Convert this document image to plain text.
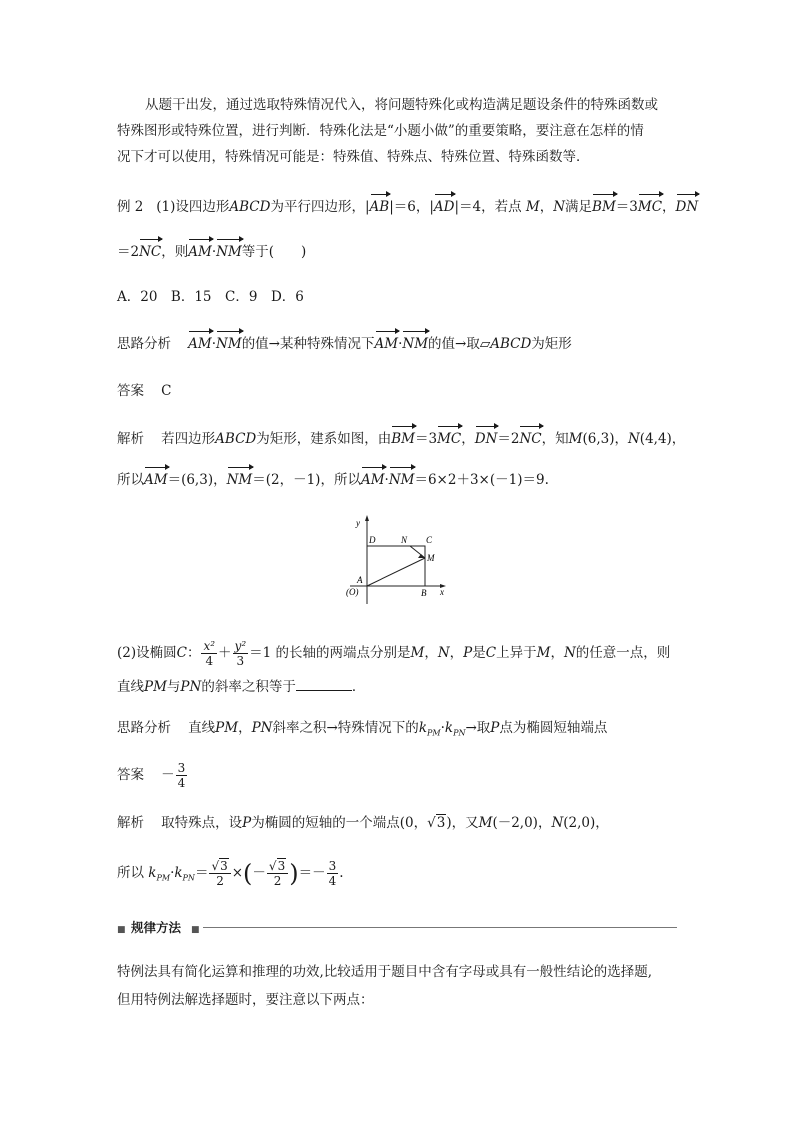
从题干出发，通过选取特殊情况代入，将问题特殊化或构造满足题设条件的特殊函数或
特殊图形或特殊位置，进行判断．特殊化法是“小题小做”的重要策略，要注意在怎样的情
况下才可以使用，特殊情况可能是：特殊值、特殊点、特殊位置、特殊函数等．
例 2 (1)设四边形ABCD为平行四边形，|AB|＝6，|AD|＝4，若点 M，N满足BM＝3MC，DN
＝2NC，则AM·NM等于(　　)
A．20　B．15　C．9　D．6
思路分析 AM·NM的值→某种特殊情况下AM·NM的值→取▱ABCD为矩形
答案 C
解析 若四边形ABCD为矩形，建系如图，由BM＝3MC，DN＝2NC，知M(6,3)，N(4,4)，
所以AM＝(6,3)，NM＝(2，－1)，所以AM·NM＝6×2＋3×(－1)＝9.
y
x
D	N C
M
A
(O)	B
(2)设椭圆C： $\frac{\text{x²}}{4} + \frac{\text{y²}}{3} =1$ 的长轴的两端点分别是M，N，P是C上异于M，N的任意一点，则
直线PM与PN的斜率之积等于	．
思路分析 直线PM，PN斜率之积→特殊情况下的$k_{PM}\cdot k_{PN}\to$取P点为椭圆短轴端点
答案 － $\frac{3}{4}$
解析 取特殊点，设P为椭圆的短轴的一个端点(0，√3)，又M(－2,0)，N(2,0)，
所以 $k_{PM}\cdot k_{PN}= \frac{√3}{2}$ ×(－ $\frac{√3}{2}$ )＝－ $\frac{3}{4}$ .
■ 规律方法 ■
特例法具有简化运算和推理的功效,比较适用于题目中含有字母或具有一般性结论的选择题,
但用特例法解选择题时，要注意以下两点：
